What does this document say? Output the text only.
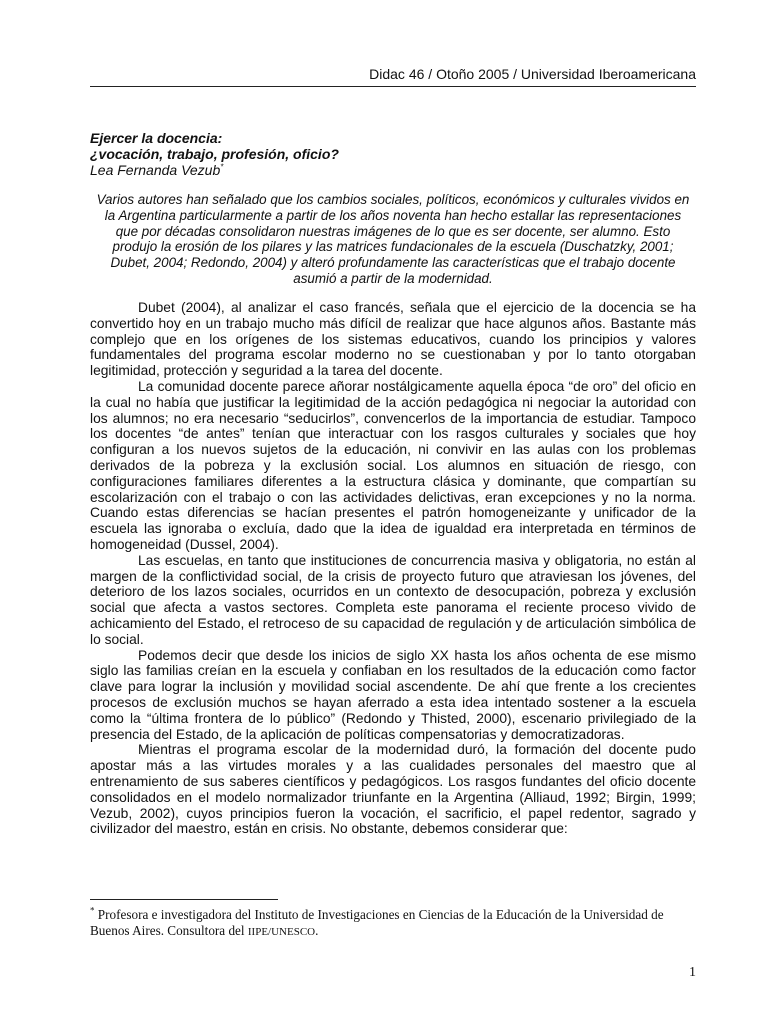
Didac 46 / Otoño 2005 / Universidad Iberoamericana
Ejercer la docencia:
¿vocación, trabajo, profesión, oficio?
Lea Fernanda Vezub*
Varios autores han señalado que los cambios sociales, políticos, económicos y culturales vividos en la Argentina particularmente a partir de los años noventa han hecho estallar las representaciones que por décadas consolidaron nuestras imágenes de lo que es ser docente, ser alumno. Esto produjo la erosión de los pilares y las matrices fundacionales de la escuela (Duschatzky, 2001; Dubet, 2004; Redondo, 2004) y alteró profundamente las características que el trabajo docente asumió a partir de la modernidad.

Dubet (2004), al analizar el caso francés, señala que el ejercicio de la docencia se ha convertido hoy en un trabajo mucho más difícil de realizar que hace algunos años. Bastante más complejo que en los orígenes de los sistemas educativos, cuando los principios y valores fundamentales del programa escolar moderno no se cuestionaban y por lo tanto otorgaban legitimidad, protección y seguridad a la tarea del docente.

La comunidad docente parece añorar nostálgicamente aquella época “de oro” del oficio en la cual no había que justificar la legitimidad de la acción pedagógica ni negociar la autoridad con los alumnos; no era necesario “seducirlos”, convencerlos de la importancia de estudiar. Tampoco los docentes “de antes” tenían que interactuar con los rasgos culturales y sociales que hoy configuran a los nuevos sujetos de la educación, ni convivir en las aulas con los problemas derivados de la pobreza y la exclusión social. Los alumnos en situación de riesgo, con configuraciones familiares diferentes a la estructura clásica y dominante, que compartían su escolarización con el trabajo o con las actividades delictivas, eran excepciones y no la norma. Cuando estas diferencias se hacían presentes el patrón homogeneizante y unificador de la escuela las ignoraba o excluía, dado que la idea de igualdad era interpretada en términos de homogeneidad (Dussel, 2004).

Las escuelas, en tanto que instituciones de concurrencia masiva y obligatoria, no están al margen de la conflictividad social, de la crisis de proyecto futuro que atraviesan los jóvenes, del deterioro de los lazos sociales, ocurridos en un contexto de desocupación, pobreza y exclusión social que afecta a vastos sectores. Completa este panorama el reciente proceso vivido de achicamiento del Estado, el retroceso de su capacidad de regulación y de articulación simbólica de lo social.

Podemos decir que desde los inicios de siglo XX hasta los años ochenta de ese mismo siglo las familias creían en la escuela y confiaban en los resultados de la educación como factor clave para lograr la inclusión y movilidad social ascendente. De ahí que frente a los crecientes procesos de exclusión muchos se hayan aferrado a esta idea intentado sostener a la escuela como la “última frontera de lo público” (Redondo y Thisted, 2000), escenario privilegiado de la presencia del Estado, de la aplicación de políticas compensatorias y democratizadoras.

Mientras el programa escolar de la modernidad duró, la formación del docente pudo apostar más a las virtudes morales y a las cualidades personales del maestro que al entrenamiento de sus saberes científicos y pedagógicos. Los rasgos fundantes del oficio docente consolidados en el modelo normalizador triunfante en la Argentina (Alliaud, 1992; Birgin, 1999; Vezub, 2002), cuyos principios fueron la vocación, el sacrificio, el papel redentor, sagrado y civilizador del maestro, están en crisis. No obstante, debemos considerar que:

* Profesora e investigadora del Instituto de Investigaciones en Ciencias de la Educación de la Universidad de Buenos Aires. Consultora del IIPE/UNESCO.
1
